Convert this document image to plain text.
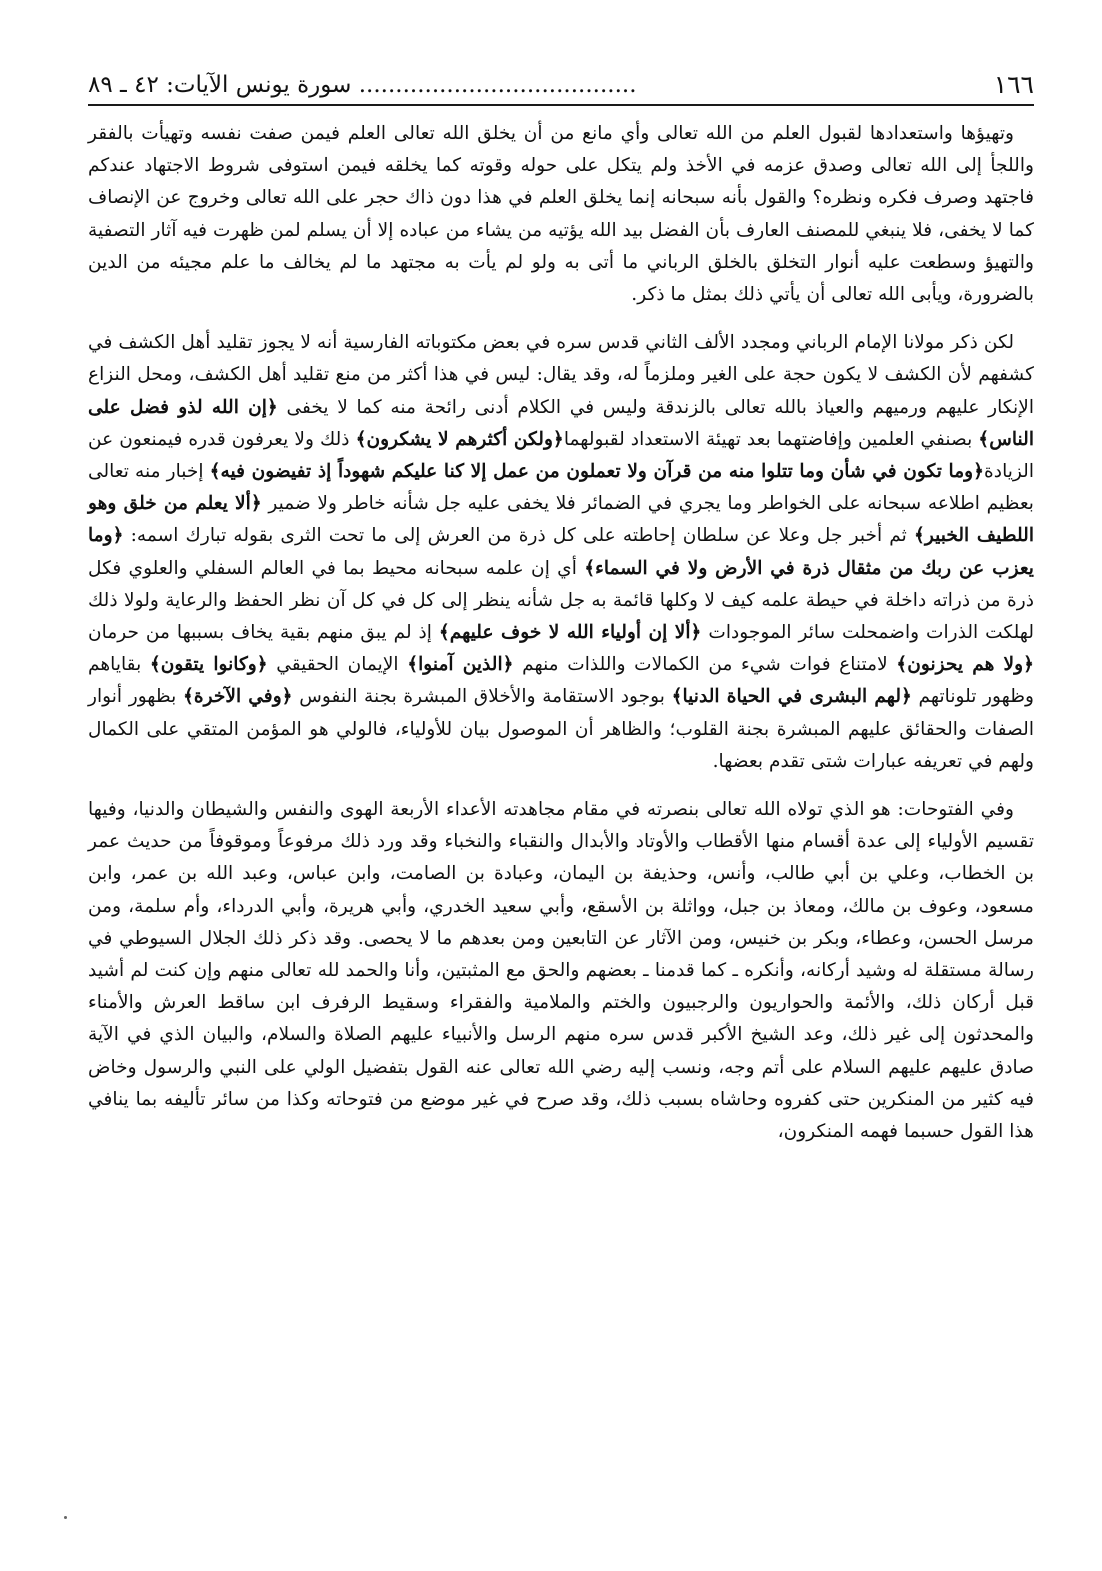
١٦٦
...................................... سورة يونس الآيات: ٤٢ ـ ٨٩

وتهيؤها واستعدادها لقبول العلم من الله تعالى وأي مانع من أن يخلق الله تعالى العلم فيمن صفت نفسه وتهيأت بالفقر واللجأ إلى الله تعالى وصدق عزمه في الأخذ ولم يتكل على حوله وقوته كما يخلقه فيمن استوفى شروط الاجتهاد عندكم فاجتهد وصرف فكره ونظره؟ والقول بأنه سبحانه إنما يخلق العلم في هذا دون ذاك حجر على الله تعالى وخروج عن الإنصاف كما لا يخفى، فلا ينبغي للمصنف العارف بأن الفضل بيد الله يؤتيه من يشاء من عباده إلا أن يسلم لمن ظهرت فيه آثار التصفية والتهيؤ وسطعت عليه أنوار التخلق بالخلق الرباني ما أتى به ولو لم يأت به مجتهد ما لم يخالف ما علم مجيئه من الدين بالضرورة، ويأبى الله تعالى أن يأتي ذلك بمثل ما ذكر.

لكن ذكر مولانا الإمام الرباني ومجدد الألف الثاني قدس سره في بعض مكتوباته الفارسية أنه لا يجوز تقليد أهل الكشف في كشفهم لأن الكشف لا يكون حجة على الغير وملزماً له، وقد يقال: ليس في هذا أكثر من منع تقليد أهل الكشف، ومحل النزاع الإنكار عليهم ورميهم والعياذ بالله تعالى بالزندقة وليس في الكلام أدنى رائحة منه كما لا يخفى ﴿إن الله لذو فضل على الناس﴾ بصنفي العلمين وإفاضتهما بعد تهيئة الاستعداد لقبولهما﴿ولكن أكثرهم لا يشكرون﴾ ذلك ولا يعرفون قدره فيمنعون عن الزيادة﴿وما تكون في شأن وما تتلوا منه من قرآن ولا تعملون من عمل إلا كنا عليكم شهوداً إذ تفيضون فيه﴾ إخبار منه تعالى بعظيم اطلاعه سبحانه على الخواطر وما يجري في الضمائر فلا يخفى عليه جل شأنه خاطر ولا ضمير ﴿ألا يعلم من خلق وهو اللطيف الخبير﴾ ثم أخبر جل وعلا عن سلطان إحاطته على كل ذرة من العرش إلى ما تحت الثرى بقوله تبارك اسمه: ﴿وما يعزب عن ربك من مثقال ذرة في الأرض ولا في السماء﴾ أي إن علمه سبحانه محيط بما في العالم السفلي والعلوي فكل ذرة من ذراته داخلة في حيطة علمه كيف لا وكلها قائمة به جل شأنه ينظر إلى كل في كل آن نظر الحفظ والرعاية ولولا ذلك لهلكت الذرات واضمحلت سائر الموجودات ﴿ألا إن أولياء الله لا خوف عليهم﴾ إذ لم يبق منهم بقية يخاف بسببها من حرمان ﴿ولا هم يحزنون﴾ لامتناع فوات شيء من الكمالات واللذات منهم ﴿الذين آمنوا﴾ الإيمان الحقيقي ﴿وكانوا يتقون﴾ بقاياهم وظهور تلوناتهم ﴿لهم البشرى في الحياة الدنيا﴾ بوجود الاستقامة والأخلاق المبشرة بجنة النفوس ﴿وفي الآخرة﴾ بظهور أنوار الصفات والحقائق عليهم المبشرة بجنة القلوب؛ والظاهر أن الموصول بيان للأولياء، فالولي هو المؤمن المتقي على الكمال ولهم في تعريفه عبارات شتى تقدم بعضها.

وفي الفتوحات: هو الذي تولاه الله تعالى بنصرته في مقام مجاهدته الأعداء الأربعة الهوى والنفس والشيطان والدنيا، وفيها تقسيم الأولياء إلى عدة أقسام منها الأقطاب والأوتاد والأبدال والنقباء والنخباء وقد ورد ذلك مرفوعاً وموقوفاً من حديث عمر بن الخطاب، وعلي بن أبي طالب، وأنس، وحذيفة بن اليمان، وعبادة بن الصامت، وابن عباس، وعبد الله بن عمر، وابن مسعود، وعوف بن مالك، ومعاذ بن جبل، وواثلة بن الأسقع، وأبي سعيد الخدري، وأبي هريرة، وأبي الدرداء، وأم سلمة، ومن مرسل الحسن، وعطاء، وبكر بن خنيس، ومن الآثار عن التابعين ومن بعدهم ما لا يحصى. وقد ذكر ذلك الجلال السيوطي في رسالة مستقلة له وشيد أركانه، وأنكره ـ كما قدمنا ـ بعضهم والحق مع المثبتين، وأنا والحمد لله تعالى منهم وإن كنت لم أشيد قبل أركان ذلك، والأئمة والحواريون والرجبيون والختم والملامية والفقراء وسقيط الرفرف ابن ساقط العرش والأمناء والمحدثون إلى غير ذلك، وعد الشيخ الأكبر قدس سره منهم الرسل والأنبياء عليهم الصلاة والسلام، والبيان الذي في الآية صادق عليهم عليهم السلام على أتم وجه، ونسب إليه رضي الله تعالى عنه القول بتفضيل الولي على النبي والرسول وخاض فيه كثير من المنكرين حتى كفروه وحاشاه بسبب ذلك، وقد صرح في غير موضع من فتوحاته وكذا من سائر تأليفه بما ينافي هذا القول حسبما فهمه المنكرون،
